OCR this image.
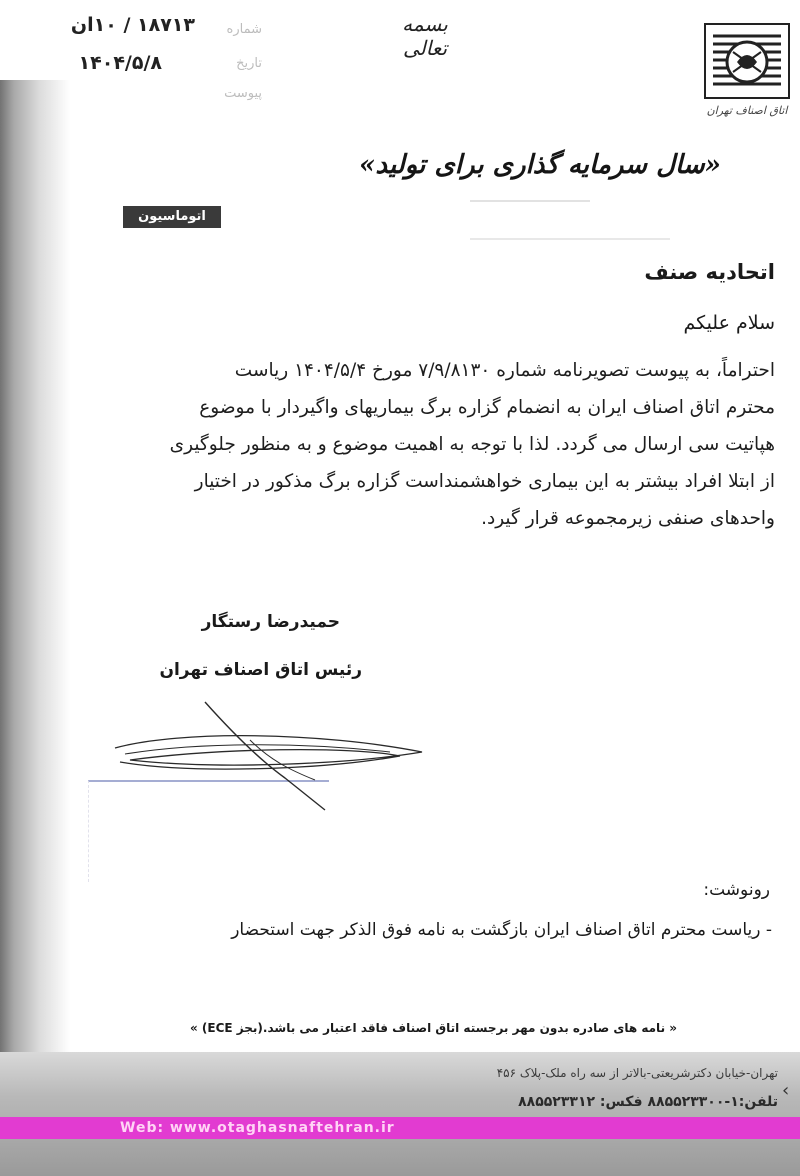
شماره
۱۸۷۱۳ / ۱۰ان
تاریخ
۱۴۰۴/۵/۸
پیوست
بسمه تعالی
اتاق اصناف تهران
«سال سرمایه گذاری برای تولید»
اتوماسیون اداری
اتحادیه صنف
سلام علیکم
احتراماً، به پیوست تصویرنامه شماره ۷/۹/۸۱۳۰ مورخ ۱۴۰۴/۵/۴ ریاست
محترم اتاق اصناف ایران به انضمام گزاره برگ بیماریهای واگیردار با موضوع
هپاتیت سی ارسال می گردد. لذا با توجه به اهمیت موضوع و به منظور جلوگیری
از ابتلا افراد بیشتر به این بیماری خواهشمنداست گزاره برگ مذکور در اختیار
واحدهای صنفی زیرمجموعه قرار گیرد.
حمیدرضا رستگار
رئیس اتاق اصناف تهران
رونوشت:
- ریاست محترم اتاق اصناف ایران بازگشت به نامه فوق الذکر جهت استحضار
« نامه های صادره بدون مهر برجسته اتاق اصناف فاقد اعتبار می باشد.(بجز ECE) »
تهران-خیابان دکترشریعتی-بالاتر از سه راه ملک-پلاک ۴۵۶
تلفن:۱-۸۸۵۵۲۳۳۰۰ فکس: ۸۸۵۵۲۳۳۱۲
Web: www.otaghasnaftehran.ir
‹
